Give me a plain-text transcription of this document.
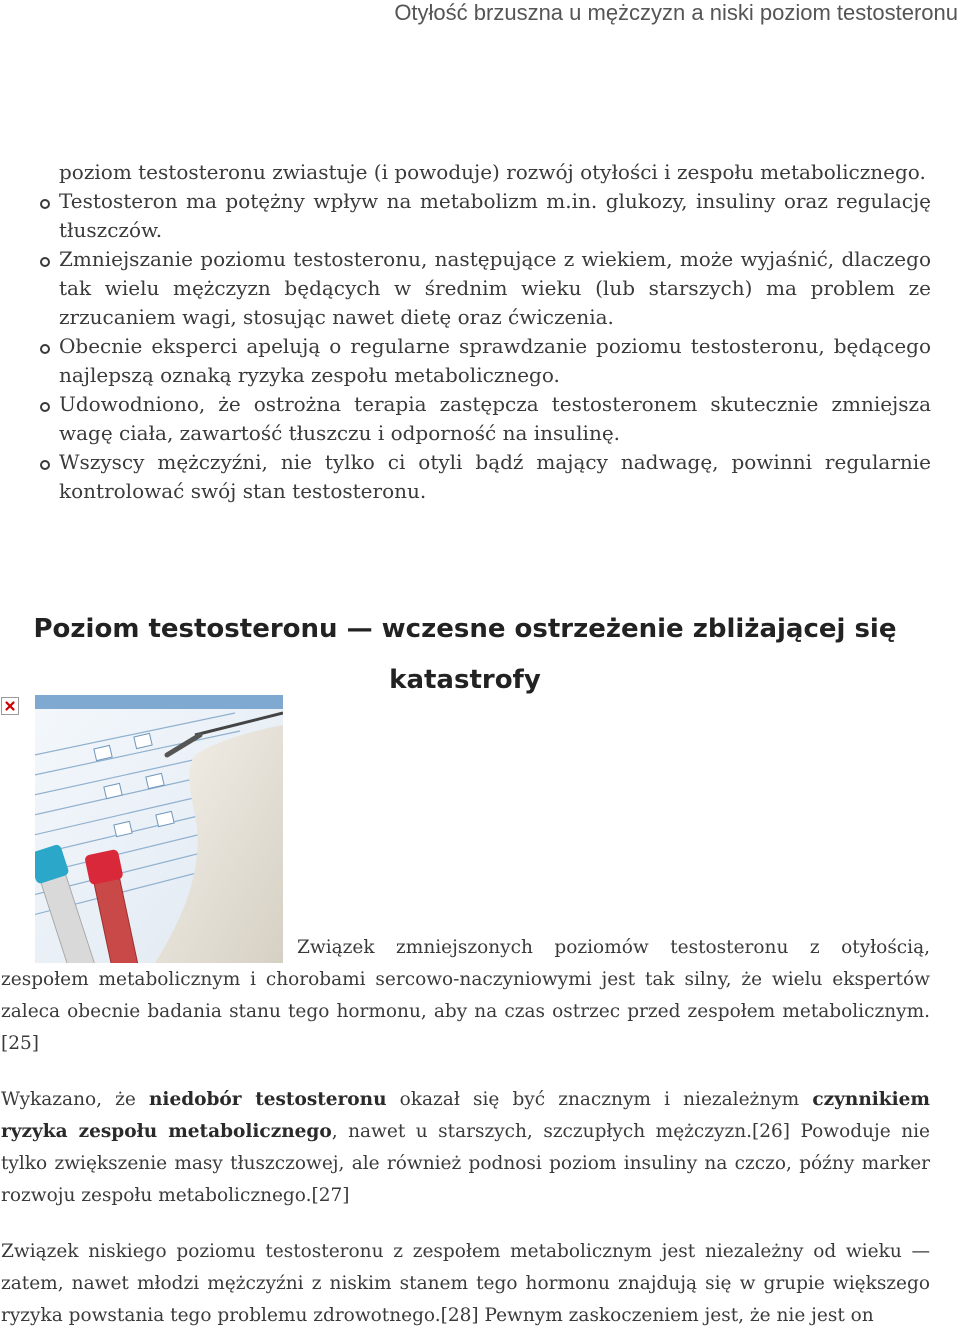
Otyłość brzuszna u mężczyzn a niski poziom testosteronu
poziom testosteronu zwiastuje (i powoduje) rozwój otyłości i zespołu metabolicznego.
Testosteron ma potężny wpływ na metabolizm m.in. glukozy, insuliny oraz regulację tłuszczów.
Zmniejszanie poziomu testosteronu, następujące z wiekiem, może wyjaśnić, dlaczego tak wielu mężczyzn będących w średnim wieku (lub starszych) ma problem ze zrzucaniem wagi, stosując nawet dietę oraz ćwiczenia.
Obecnie eksperci apelują o regularne sprawdzanie poziomu testosteronu, będącego najlepszą oznaką ryzyka zespołu metabolicznego.
Udowodniono, że ostrożna terapia zastępcza testosteronem skutecznie zmniejsza wagę ciała, zawartość tłuszczu i odporność na insulinę.
Wszyscy mężczyźni, nie tylko ci otyli bądź mający nadwagę, powinni regularnie kontrolować swój stan testosteronu.
Poziom testosteronu — wczesne ostrzeżenie zbliżającej się katastrofy

Związek zmniejszonych poziomów testosteronu z otyłością, zespołem metabolicznym i chorobami sercowo-naczyniowymi jest tak silny, że wielu ekspertów zaleca obecnie badania stanu tego hormonu, aby na czas ostrzec przed zespołem metabolicznym.[25]

Wykazano, że niedobór testosteronu okazał się być znacznym i niezależnym czynnikiem ryzyka zespołu metabolicznego, nawet u starszych, szczupłych mężczyzn.[26] Powoduje nie tylko zwiększenie masy tłuszczowej, ale również podnosi poziom insuliny na czczo, późny marker rozwoju zespołu metabolicznego.[27]

Związek niskiego poziomu testosteronu z zespołem metabolicznym jest niezależny od wieku — zatem, nawet młodzi mężczyźni z niskim stanem tego hormonu znajdują się w grupie większego ryzyka powstania tego problemu zdrowotnego.[28] Pewnym zaskoczeniem jest, że nie jest on
